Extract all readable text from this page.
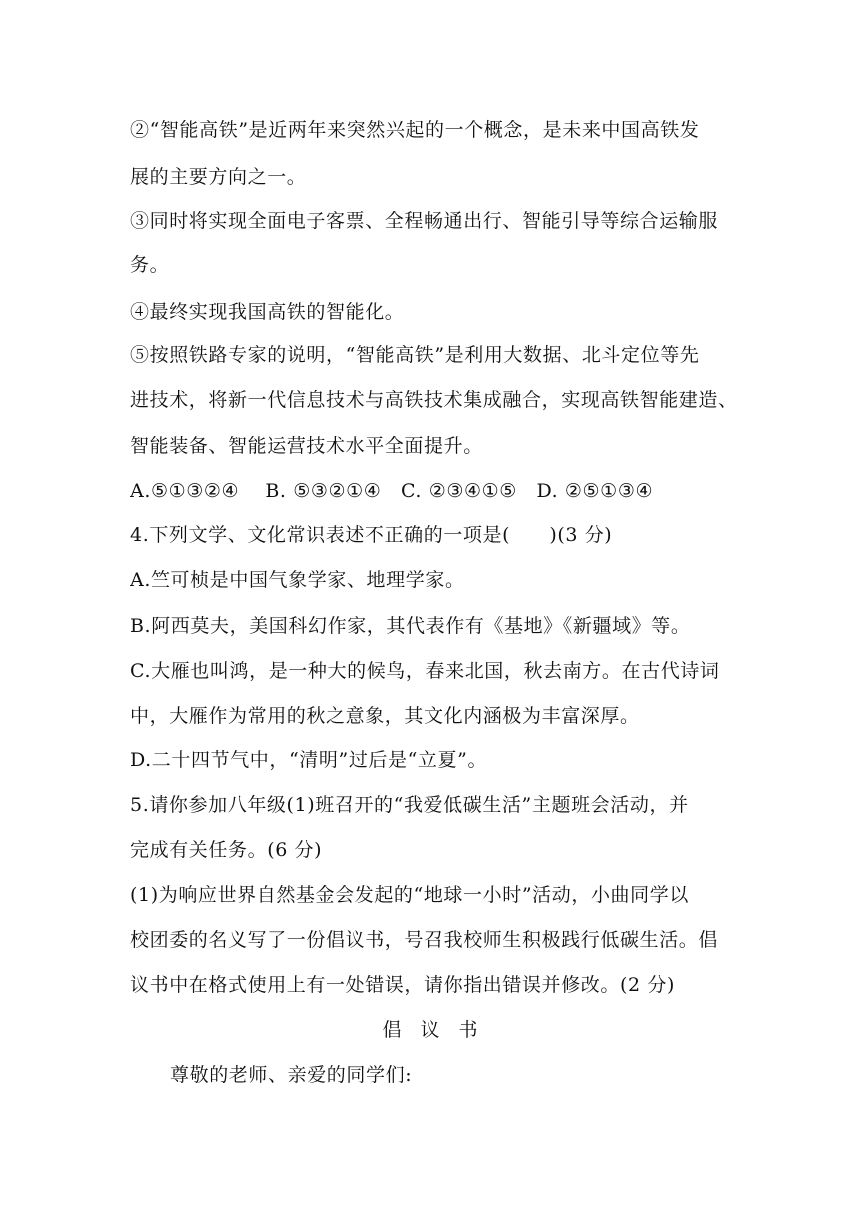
②“智能高铁”是近两年来突然兴起的一个概念，是未来中国高铁发
展的主要方向之一。
③同时将实现全面电子客票、全程畅通出行、智能引导等综合运输服
务。
④最终实现我国高铁的智能化。
⑤按照铁路专家的说明，“智能高铁”是利用大数据、北斗定位等先
进技术，将新一代信息技术与高铁技术集成融合，实现高铁智能建造、
智能装备、智能运营技术水平全面提升。
A.⑤①③②④　 B. ⑤③②①④　C. ②③④①⑤　D. ②⑤①③④
4.下列文学、文化常识表述不正确的一项是(　　)(3 分)
A.竺可桢是中国气象学家、地理学家。
B.阿西莫夫，美国科幻作家，其代表作有《基地》《新疆域》等。
C.大雁也叫鸿，是一种大的候鸟，春来北国，秋去南方。在古代诗词
中，大雁作为常用的秋之意象，其文化内涵极为丰富深厚。
D.二十四节气中，“清明”过后是“立夏”。
5.请你参加八年级(1)班召开的“我爱低碳生活”主题班会活动，并
完成有关任务。(6 分)
(1)为响应世界自然基金会发起的“地球一小时”活动，小曲同学以
校团委的名义写了一份倡议书，号召我校师生积极践行低碳生活。倡
议书中在格式使用上有一处错误，请你指出错误并修改。(2 分)
倡　议　书
尊敬的老师、亲爱的同学们:
